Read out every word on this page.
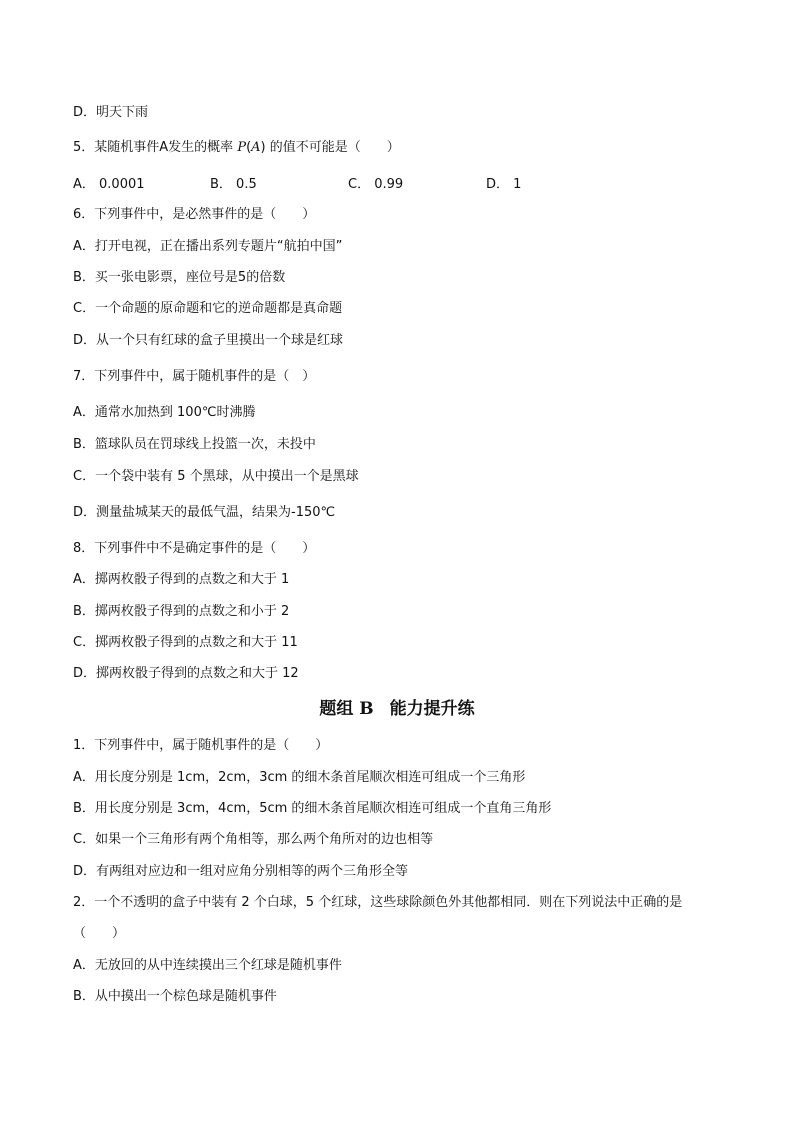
D．明天下雨
5．某随机事件A发生的概率 P(A) 的值不可能是（　　）
A． 0.0001	B． 0.5	C． 0.99	D． 1
6．下列事件中，是必然事件的是（　　）
A．打开电视，正在播出系列专题片“航拍中国”
B．买一张电影票，座位号是5的倍数
C．一个命题的原命题和它的逆命题都是真命题
D．从一个只有红球的盒子里摸出一个球是红球
7．下列事件中，属于随机事件的是（　）
A．通常水加热到 100℃时沸腾
B．篮球队员在罚球线上投篮一次，未投中
C．一个袋中装有 5 个黑球，从中摸出一个是黑球
D．测量盐城某天的最低气温，结果为-150℃
8．下列事件中不是确定事件的是（　　）
A．掷两枚骰子得到的点数之和大于 1
B．掷两枚骰子得到的点数之和小于 2
C．掷两枚骰子得到的点数之和大于 11
D．掷两枚骰子得到的点数之和大于 12
题组 B 能力提升练
1．下列事件中，属于随机事件的是（　　）
A．用长度分别是 1cm，2cm，3cm 的细木条首尾顺次相连可组成一个三角形
B．用长度分别是 3cm，4cm，5cm 的细木条首尾顺次相连可组成一个直角三角形
C．如果一个三角形有两个角相等，那么两个角所对的边也相等
D．有两组对应边和一组对应角分别相等的两个三角形全等
2．一个不透明的盒子中装有 2 个白球，5 个红球，这些球除颜色外其他都相同．则在下列说法中正确的是
（　　）
A．无放回的从中连续摸出三个红球是随机事件
B．从中摸出一个棕色球是随机事件
